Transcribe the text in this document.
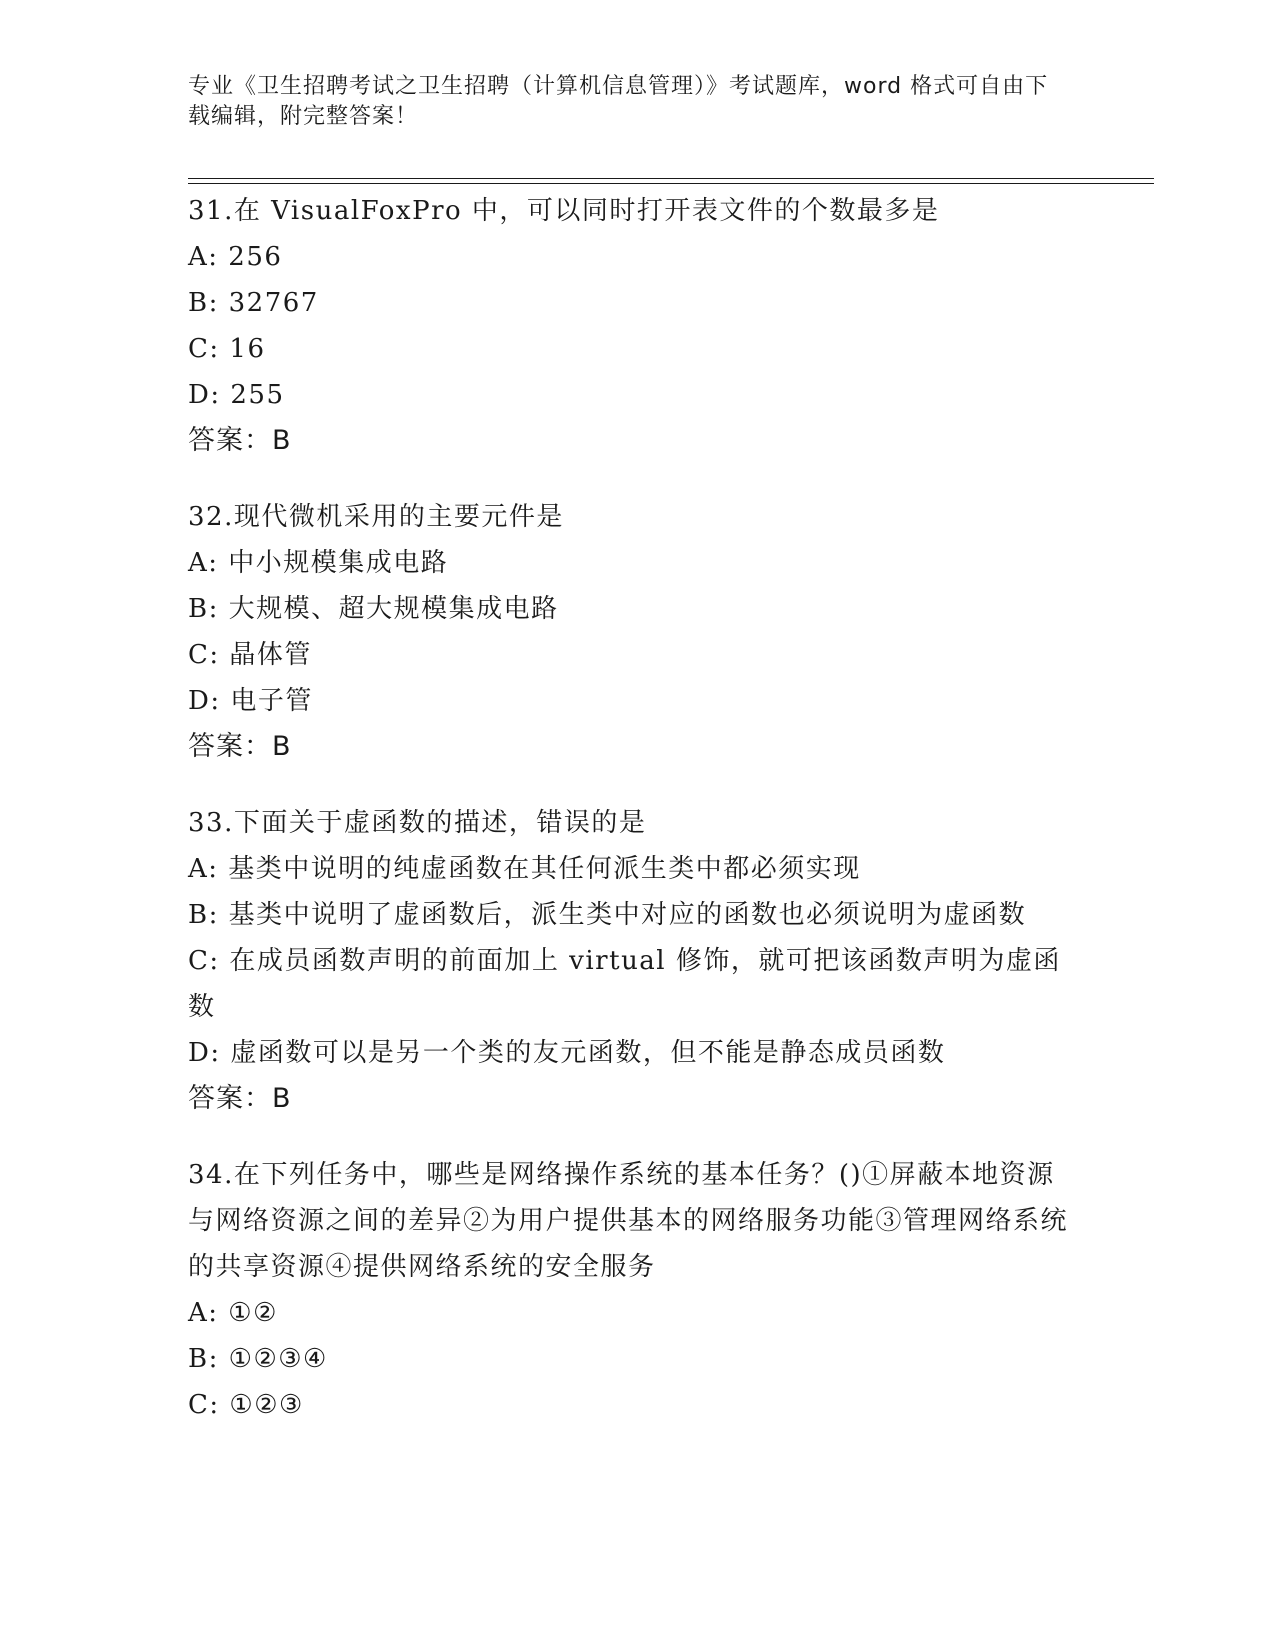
专业《卫生招聘考试之卫生招聘（计算机信息管理）》考试题库，word 格式可自由下载编辑，附完整答案！
31.在 VisualFoxPro 中，可以同时打开表文件的个数最多是
A: 256
B: 32767
C: 16
D: 255
答案：B
32.现代微机采用的主要元件是
A: 中小规模集成电路
B: 大规模、超大规模集成电路
C: 晶体管
D: 电子管
答案：B
33.下面关于虚函数的描述，错误的是
A: 基类中说明的纯虚函数在其任何派生类中都必须实现
B: 基类中说明了虚函数后，派生类中对应的函数也必须说明为虚函数
C: 在成员函数声明的前面加上 virtual 修饰，就可把该函数声明为虚函数
D: 虚函数可以是另一个类的友元函数，但不能是静态成员函数
答案：B
34.在下列任务中，哪些是网络操作系统的基本任务？()①屏蔽本地资源与网络资源之间的差异②为用户提供基本的网络服务功能③管理网络系统的共享资源④提供网络系统的安全服务
A: ①②
B: ①②③④
C: ①②③
